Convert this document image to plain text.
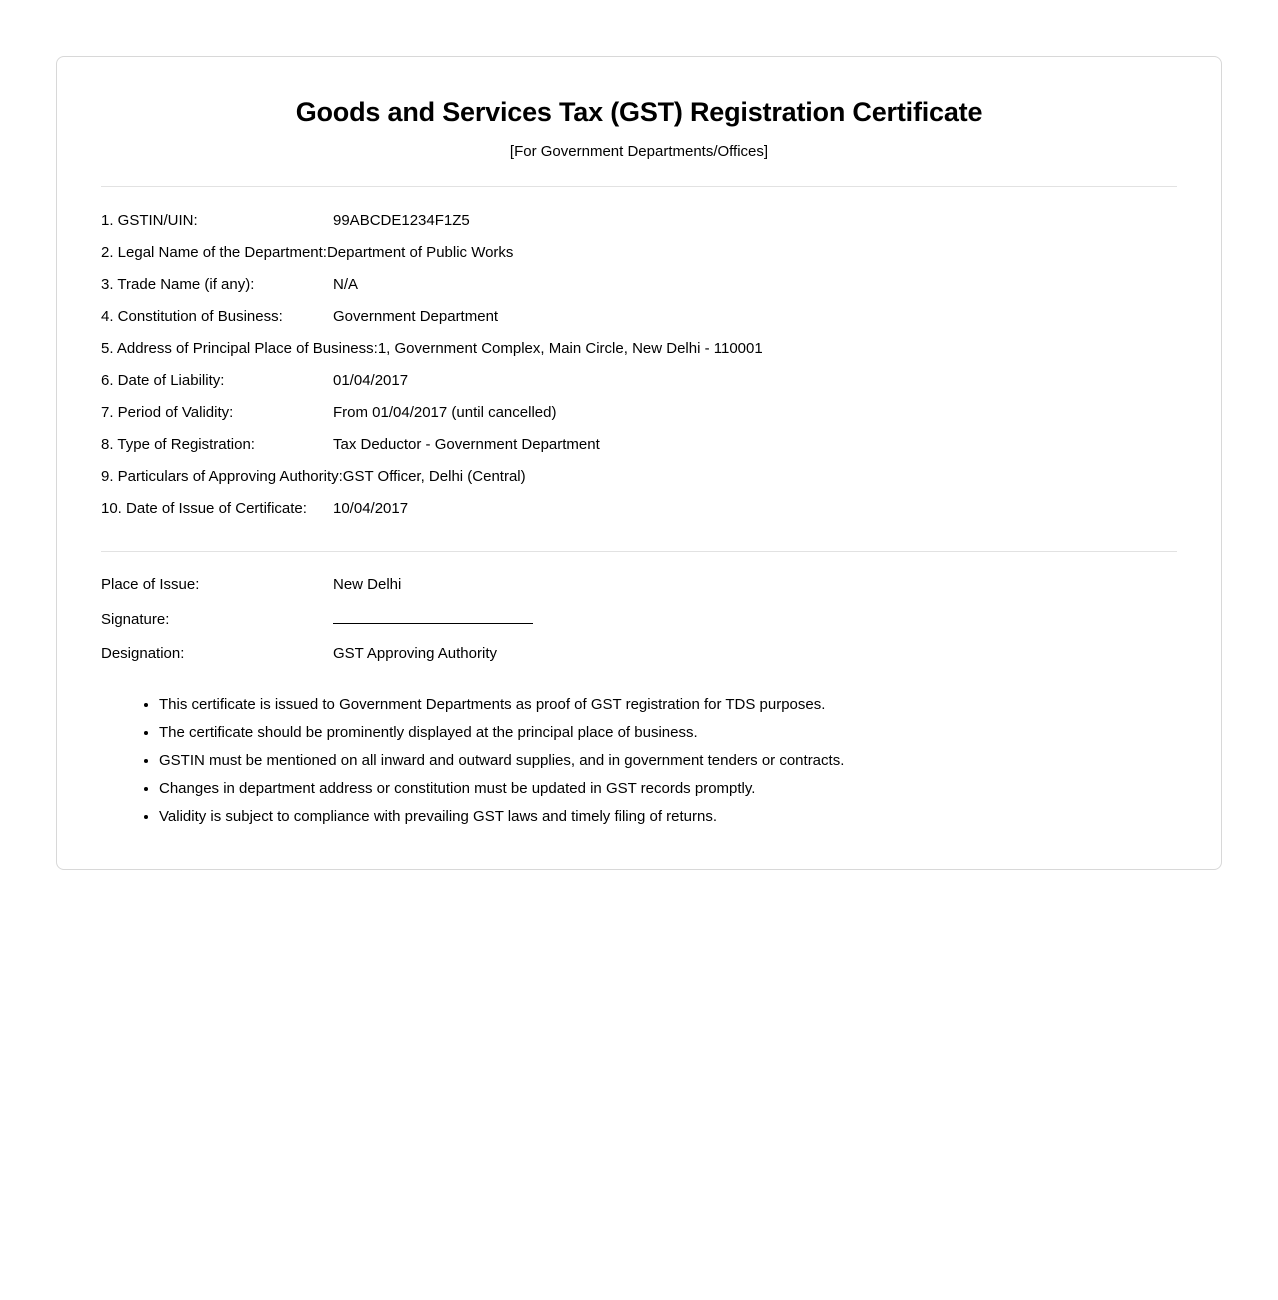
Goods and Services Tax (GST) Registration Certificate
[For Government Departments/Offices]
1. GSTIN/UIN:	99ABCDE1234F1Z5
2. Legal Name of the Department: Department of Public Works
3. Trade Name (if any):	N/A
4. Constitution of Business:	Government Department
5. Address of Principal Place of Business: 1, Government Complex, Main Circle, New Delhi - 110001
6. Date of Liability:	01/04/2017
7. Period of Validity:	From 01/04/2017 (until cancelled)
8. Type of Registration:	Tax Deductor - Government Department
9. Particulars of Approving Authority: GST Officer, Delhi (Central)
10. Date of Issue of Certificate:	10/04/2017
Place of Issue:	New Delhi
Signature:
Designation:	GST Approving Authority
• This certificate is issued to Government Departments as proof of GST registration for TDS purposes.
• The certificate should be prominently displayed at the principal place of business.
• GSTIN must be mentioned on all inward and outward supplies, and in government tenders or contracts.
• Changes in department address or constitution must be updated in GST records promptly.
• Validity is subject to compliance with prevailing GST laws and timely filing of returns.
